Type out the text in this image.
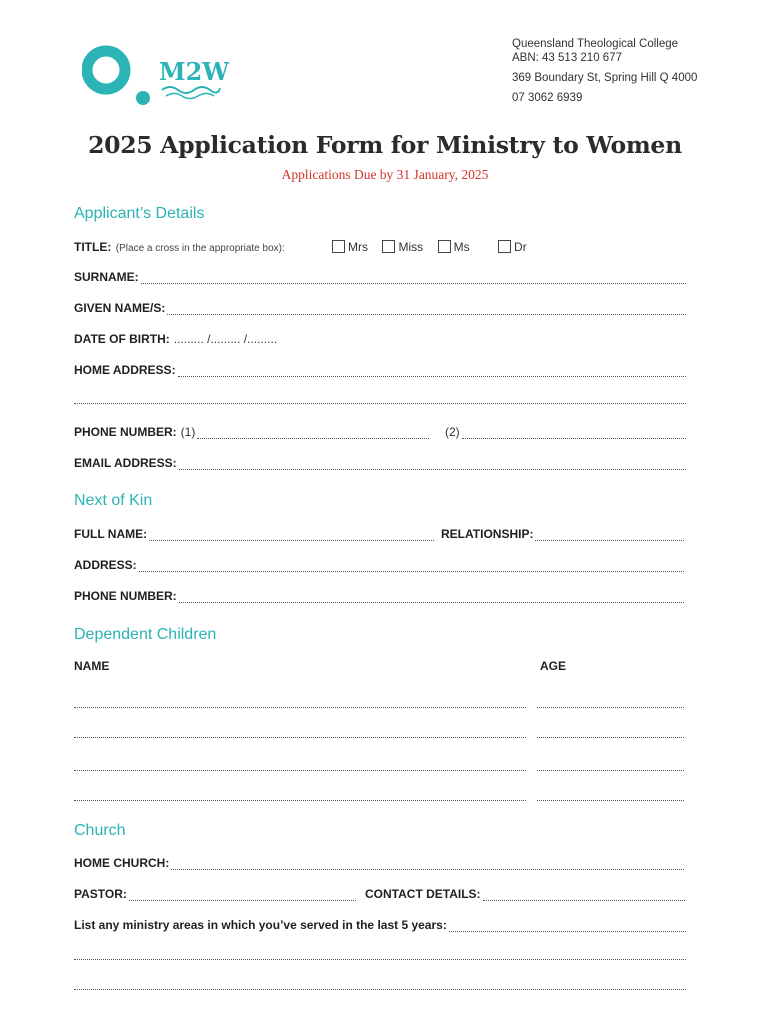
M2W
Queensland Theological College
ABN: 43 513 210 677
369 Boundary St, Spring Hill Q 4000
07 3062 6939
2025 Application Form for Ministry to Women
Applications Due by 31 January, 2025
Applicant’s Details
TITLE: (Place a cross in the appropriate box):	Mrs	Miss	Ms	Dr
SURNAME:
GIVEN NAME/S:
DATE OF BIRTH: ......... /......... /.........
HOME ADDRESS:
PHONE NUMBER: (1)	(2)
EMAIL ADDRESS:
Next of Kin
FULL NAME:	RELATIONSHIP:
ADDRESS:
PHONE NUMBER:
Dependent Children
NAME	AGE
Church
HOME CHURCH:
PASTOR:	CONTACT DETAILS:
List any ministry areas in which you’ve served in the last 5 years:
